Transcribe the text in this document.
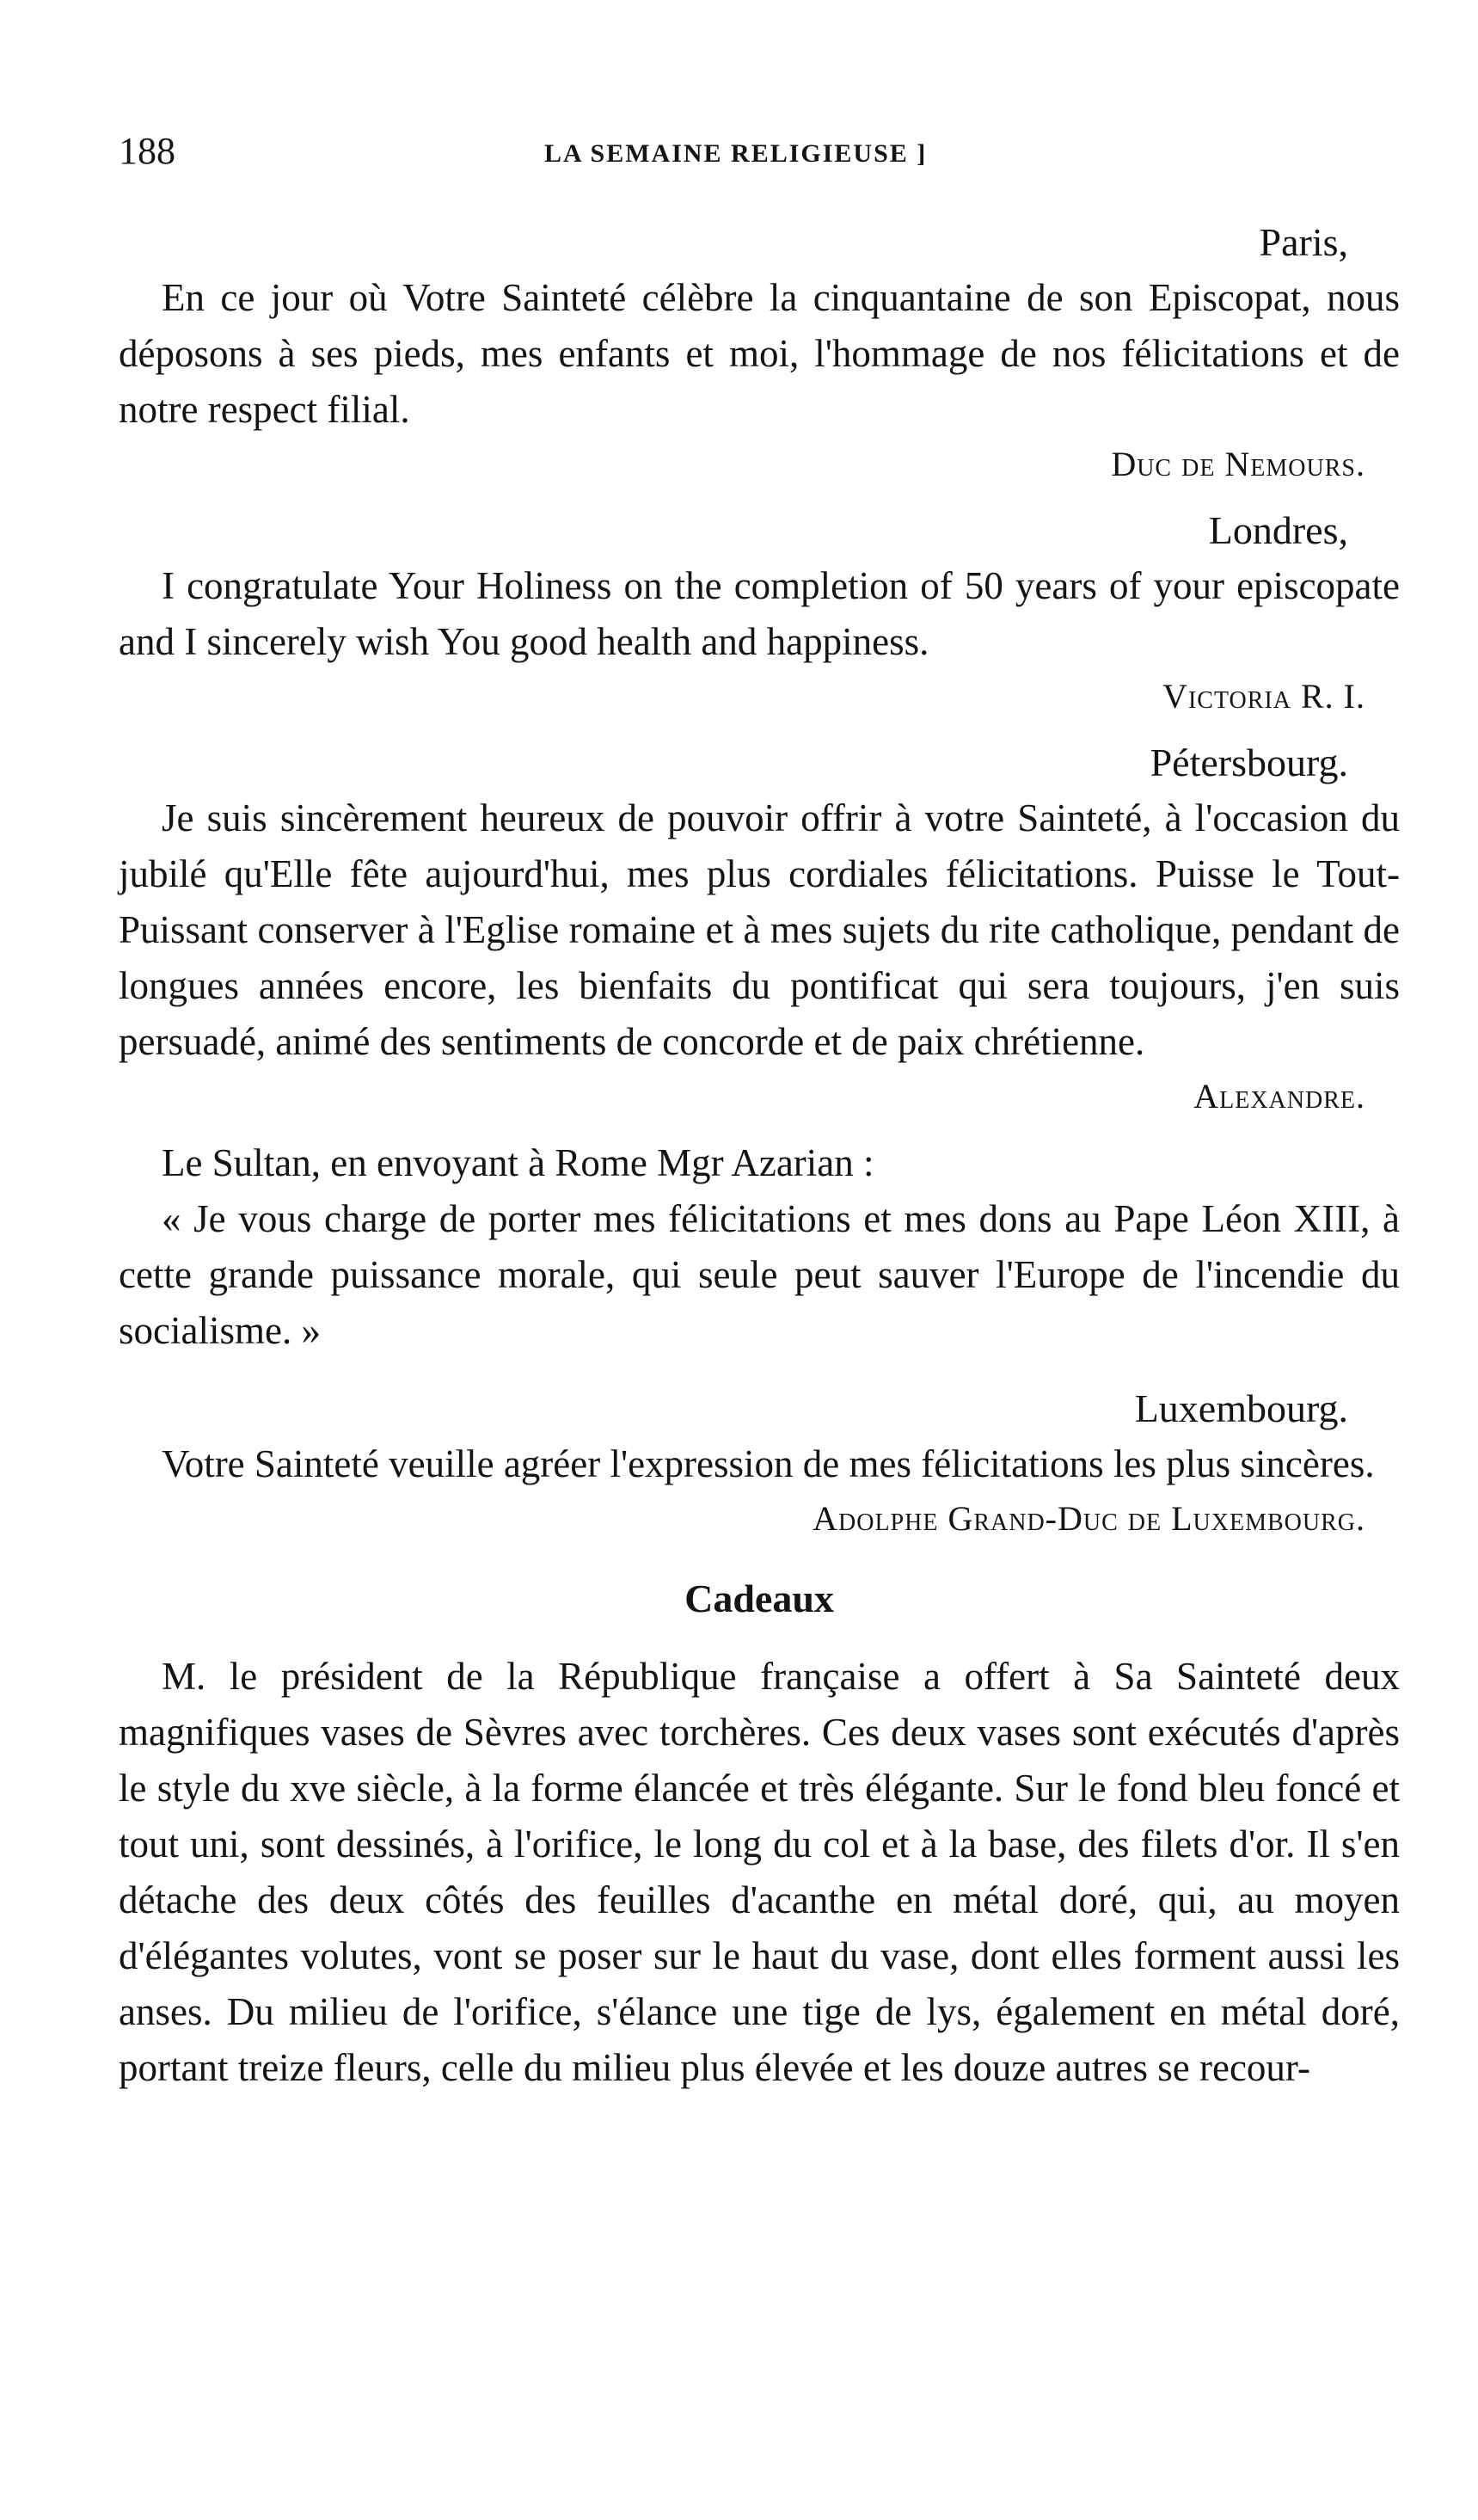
188	LA SEMAINE RELIGIEUSE ]
Paris,

En ce jour où Votre Sainteté célèbre la cinquantaine de son Episcopat, nous déposons à ses pieds, mes enfants et moi, l'hommage de nos félicitations et de notre respect filial.

Duc de Nemours.
Londres,

I congratulate Your Holiness on the completion of 50 years of your episcopate and I sincerely wish You good health and happiness.

Victoria R. I.
Pétersbourg.

Je suis sincèrement heureux de pouvoir offrir à votre Sainteté, à l'occasion du jubilé qu'Elle fête aujourd'hui, mes plus cordiales félicitations. Puisse le Tout-Puissant conserver à l'Eglise romaine et à mes sujets du rite catholique, pendant de longues années encore, les bienfaits du pontificat qui sera toujours, j'en suis persuadé, animé des sentiments de concorde et de paix chrétienne.

Alexandre.

Le Sultan, en envoyant à Rome Mgr Azarian :

« Je vous charge de porter mes félicitations et mes dons au Pape Léon XIII, à cette grande puissance morale, qui seule peut sauver l'Europe de l'incendie du socialisme. »

Luxembourg.

Votre Sainteté veuille agréer l'expression de mes félicitations les plus sincères.

Adolphe Grand-Duc de Luxembourg.
Cadeaux

M. le président de la République française a offert à Sa Sainteté deux magnifiques vases de Sèvres avec torchères. Ces deux vases sont exécutés d'après le style du xve siècle, à la forme élancée et très élégante. Sur le fond bleu foncé et tout uni, sont dessinés, à l'orifice, le long du col et à la base, des filets d'or. Il s'en détache des deux côtés des feuilles d'acanthe en métal doré, qui, au moyen d'élégantes volutes, vont se poser sur le haut du vase, dont elles forment aussi les anses. Du milieu de l'orifice, s'élance une tige de lys, également en métal doré, portant treize fleurs, celle du milieu plus élevée et les douze autres se recour-
